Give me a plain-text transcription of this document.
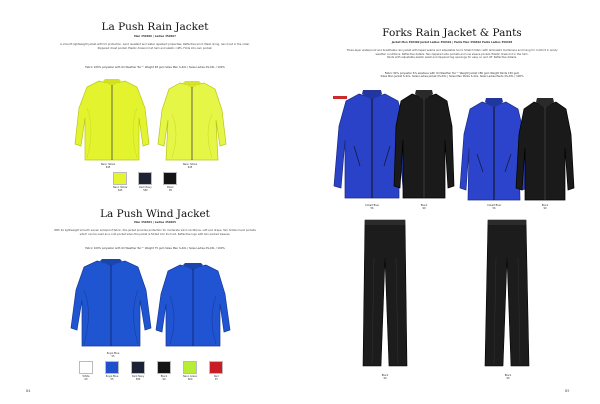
La Push Rain Jacket
Men 350406 | Ladies 350407
A smooth lightweight jacket with UV protection, wind resistant and water repellent properties. Reflective print. Mesh lining, rain hood in the collar.
Zippered chest pocket. Elastic drawcord at hem and elastic cuffs. Folds into own pocket.
Fabric 100% polyester with Oil Weather Tec™ Weight 48 gsm Sizes Men S-4XL / Sizes Ladies XS-XXL / 100%
Neon Yellow
645
Neon Yellow
645
Neon Yellow
645
Dark Navy
580
Black
99
La Push Wind Jacket
Men 350404 | Ladies 350405
With its lightweight smooth woven windproof fabric, this jacket provides protection for moderate wind conditions, soft and drape. Two hidden hand pockets
which can be used as a cold-pocket when the jacket is folded into its hood. Reflective logo with two packed sleeves.
Fabric 100% polyester with Oil Weather Tec™ Weight 75 gsm Sizes Men S-4XL / Sizes Ladies XS-XXL / 100%
Royal Blue
55
White
00
Royal Blue
55
Dark Navy
580
Black
99
Neon Green
600
Red
35
84
Forks Rain Jacket & Pants
Jacket Men 350400 Jacket Ladies 350401 | Pants Men 350402 Pants Ladies 350403
Three-layer waterproof and breathable rain jacket with taped seams and adjustable hood. Stretch fabric with laminated membrane and lining for comfort in windy
weather conditions. Reflective details. Two zippered side pockets and one sleeve pocket. Elastic drawcord in the hem.
Pants with adjustable elastic waist and zippered leg openings for easy on and off. Reflective details.
Fabric 94% polyester 6% elastane with Oil Weather Tec™ Weight Jacket 180 gsm Weight Pants 150 gsm
Sizes Men Jacket S-4XL, Sizes Ladies Jacket XS-XXL | Sizes Men Pants S-4XL, Sizes Ladies Pants XS-XXL / 100%
Cobalt Blue
56
Black
99
Cobalt Blue
56
Black
99
Black
99
Black
99
85
